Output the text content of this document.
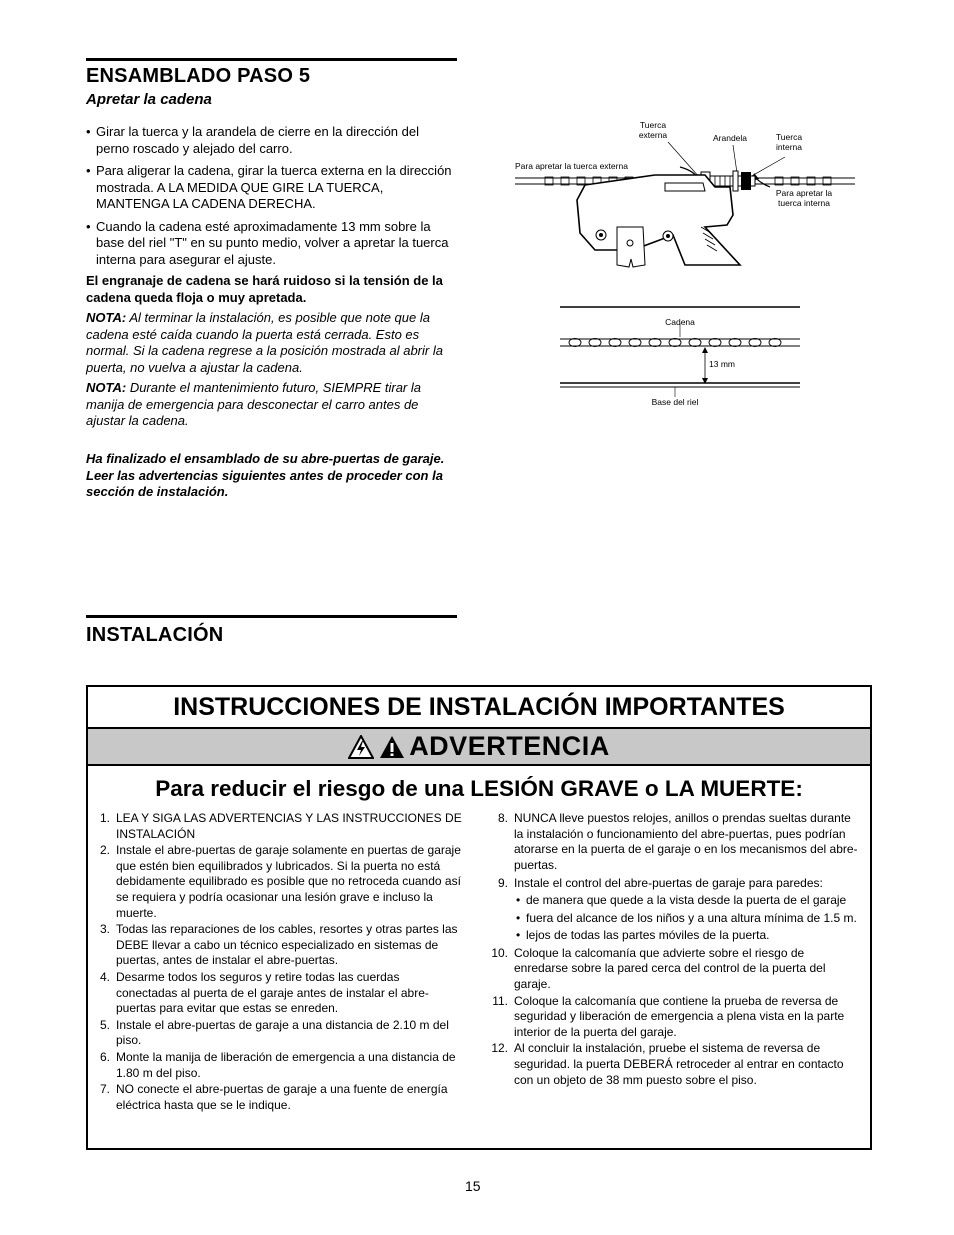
ENSAMBLADO PASO 5
Apretar la cadena
• Girar la tuerca y la arandela de cierre en la dirección del perno roscado y alejado del carro.
• Para aligerar la cadena, girar la tuerca externa en la dirección mostrada. A LA MEDIDA QUE GIRE LA TUERCA, MANTENGA LA CADENA DERECHA.
• Cuando la cadena esté aproximadamente 13 mm sobre la base del riel "T" en su punto medio, volver a apretar la tuerca interna para asegurar el ajuste.

El engranaje de cadena se hará ruidoso si la tensión de la cadena queda floja o muy apretada.

NOTA: Al terminar la instalación, es posible que note que la cadena esté caída cuando la puerta está cerrada. Esto es normal. Si la cadena regrese a la posición mostrada al abrir la puerta, no vuelva a ajustar la cadena.

NOTA: Durante el mantenimiento futuro, SIEMPRE tirar la manija de emergencia para desconectar el carro antes de ajustar la cadena.

Ha finalizado el ensamblado de su abre-puertas de garaje. Leer las advertencias siguientes antes de proceder con la sección de instalación.

Tuerca externa	Arandela	Tuerca interna
Para apretar la tuerca externa
Para apretar la tuerca interna
Cadena
13 mm
Base del riel
INSTALACIÓN
INSTRUCCIONES DE INSTALACIÓN IMPORTANTES
ADVERTENCIA
Para reducir el riesgo de una LESIÓN GRAVE o LA MUERTE:
1. LEA Y SIGA LAS ADVERTENCIAS Y LAS INSTRUCCIONES DE INSTALACIÓN
2. Instale el abre-puertas de garaje solamente en puertas de garaje que estén bien equilibrados y lubricados. Si la puerta no está debidamente equilibrado es posible que no retroceda cuando así se requiera y podría ocasionar una lesión grave e incluso la muerte.
3. Todas las reparaciones de los cables, resortes y otras partes las DEBE llevar a cabo un técnico especializado en sistemas de puertas, antes de instalar el abre-puertas.
4. Desarme todos los seguros y retire todas las cuerdas conectadas al puerta de el garaje antes de instalar el abre-puertas para evitar que estas se enreden.
5. Instale el abre-puertas de garaje a una distancia de 2.10 m del piso.
6. Monte la manija de liberación de emergencia a una distancia de 1.80 m del piso.
7. NO conecte el abre-puertas de garaje a una fuente de energía eléctrica hasta que se le indique.
8. NUNCA lleve puestos relojes, anillos o prendas sueltas durante la instalación o funcionamiento del abre-puertas, pues podrían atorarse en la puerta de el garaje o en los mecanismos del abre-puertas.
9. Instale el control del abre-puertas de garaje para paredes:
• de manera que quede a la vista desde la puerta de el garaje
• fuera del alcance de los niños y a una altura mínima de 1.5 m.
• lejos de todas las partes móviles de la puerta.
10. Coloque la calcomanía que advierte sobre el riesgo de enredarse sobre la pared cerca del control de la puerta del garaje.
11. Coloque la calcomanía que contiene la prueba de reversa de seguridad y liberación de emergencia a plena vista en la parte interior de la puerta del garaje.
12. Al concluir la instalación, pruebe el sistema de reversa de seguridad. la puerta DEBERÁ retroceder al entrar en contacto con un objeto de 38 mm puesto sobre el piso.
15
